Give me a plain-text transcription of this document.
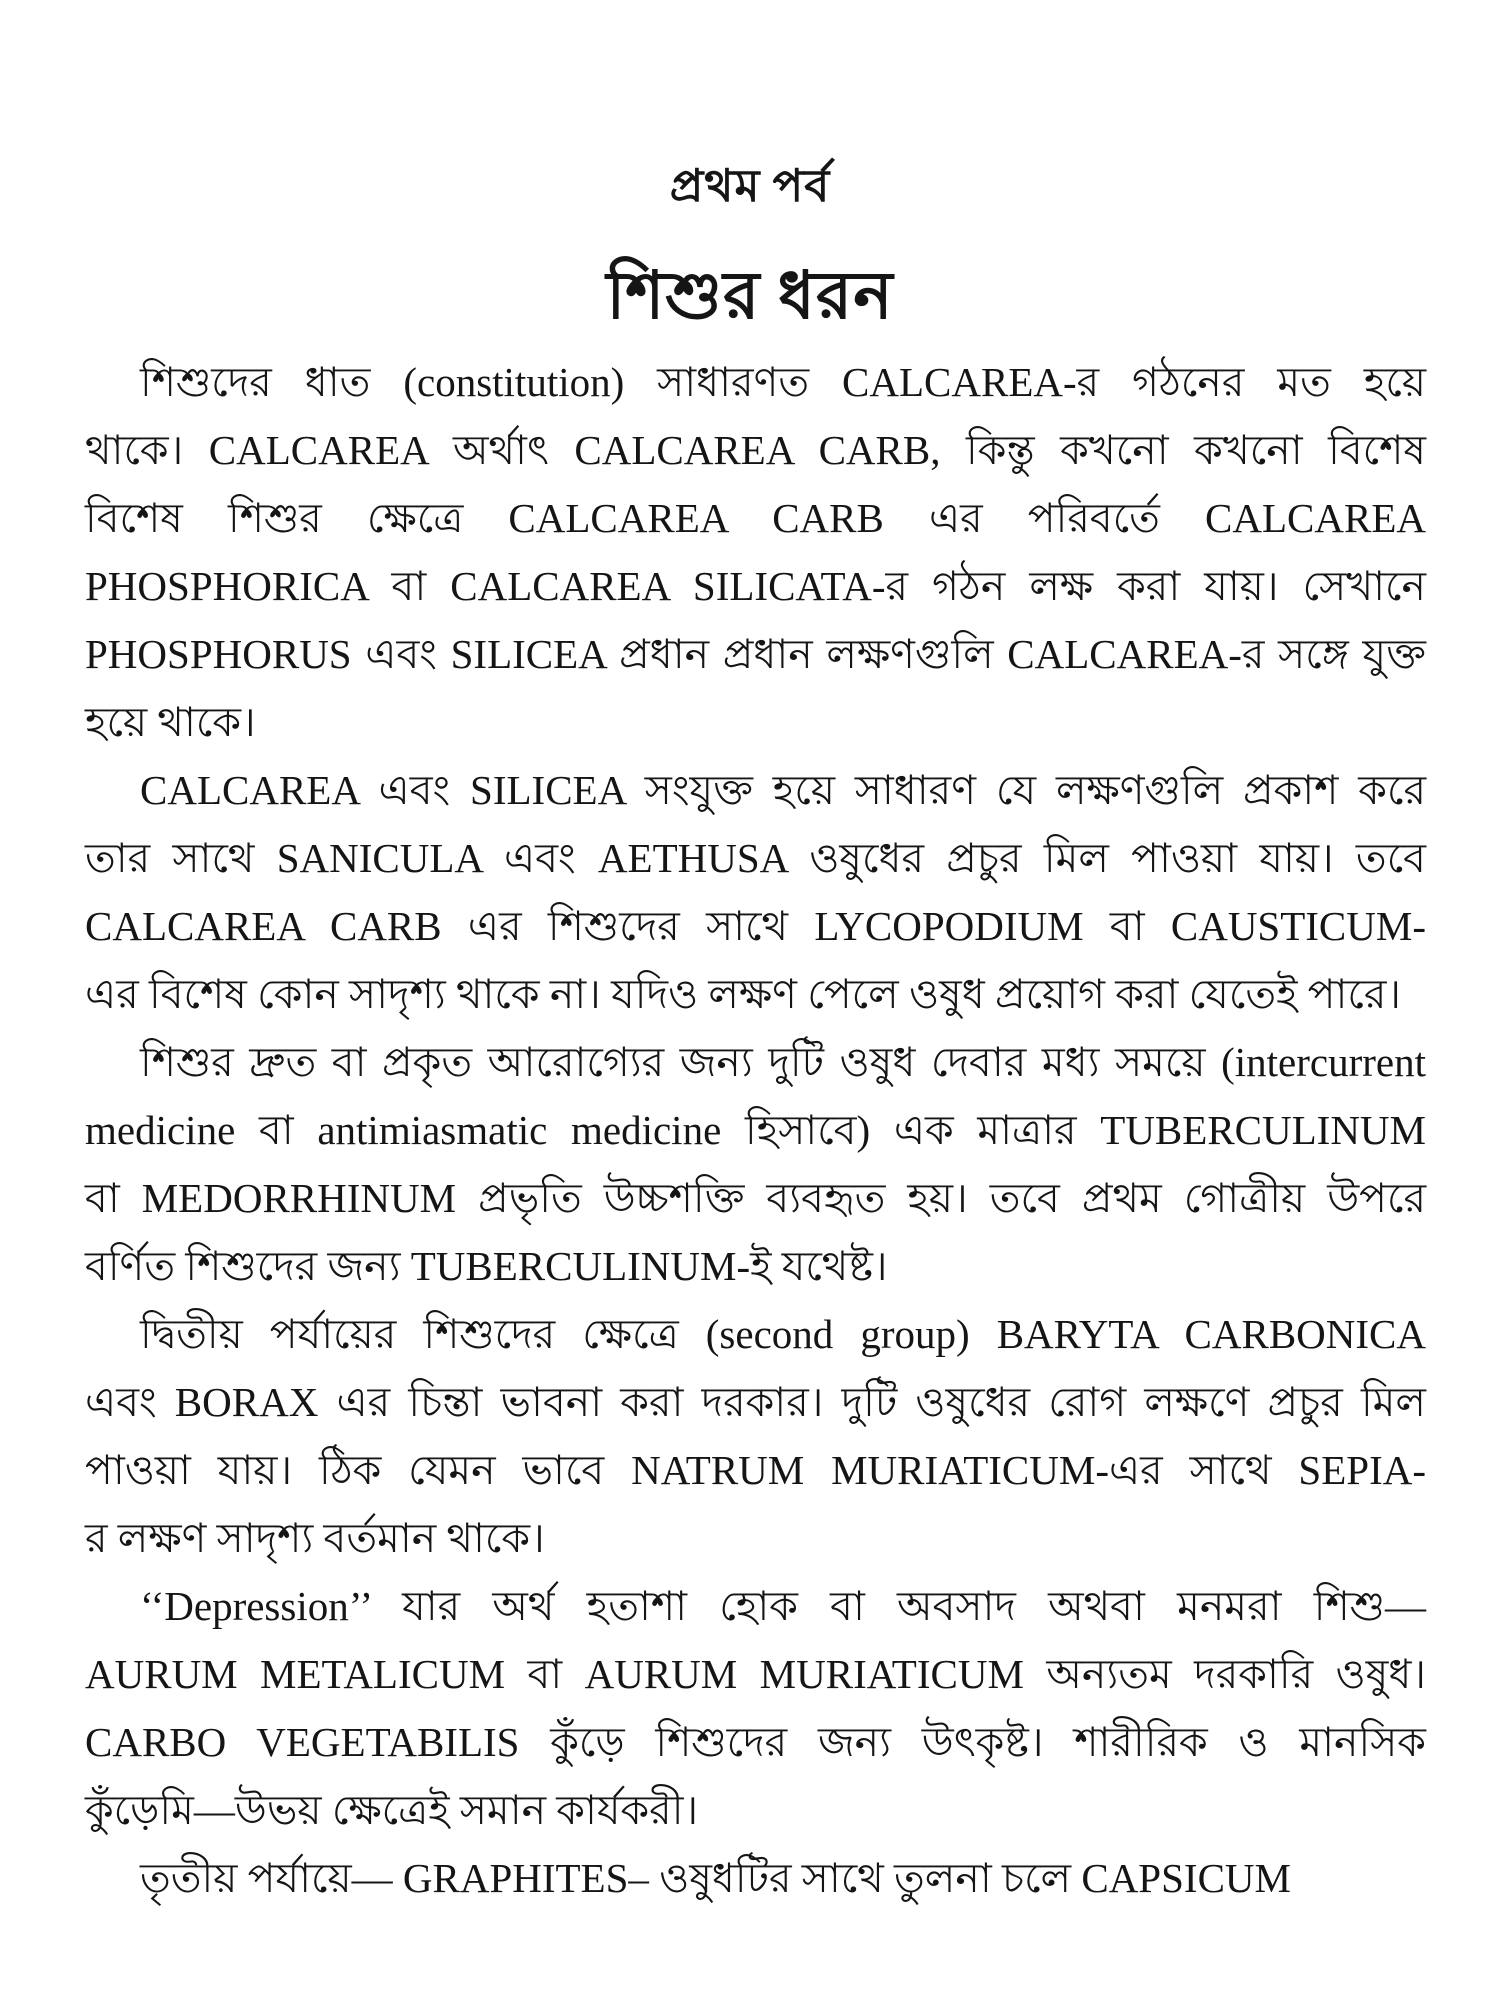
প্রথম পর্ব
শিশুর ধরন
শিশুদের ধাত (constitution) সাধারণত CALCAREA-র গঠনের মত হয়ে
থাকে। CALCAREA অর্থাৎ CALCAREA CARB, কিন্তু কখনো কখনো বিশেষ
বিশেষ শিশুর ক্ষেত্রে CALCAREA CARB এর পরিবর্তে CALCAREA
PHOSPHORICA বা CALCAREA SILICATA-র গঠন লক্ষ করা যায়। সেখানে
PHOSPHORUS এবং SILICEA প্রধান প্রধান লক্ষণগুলি CALCAREA-র সঙ্গে যুক্ত
হয়ে থাকে।
CALCAREA এবং SILICEA সংযুক্ত হয়ে সাধারণ যে লক্ষণগুলি প্রকাশ করে
তার সাথে SANICULA এবং AETHUSA ওষুধের প্রচুর মিল পাওয়া যায়। তবে
CALCAREA CARB এর শিশুদের সাথে LYCOPODIUM বা CAUSTICUM-
এর বিশেষ কোন সাদৃশ্য থাকে না। যদিও লক্ষণ পেলে ওষুধ প্রয়োগ করা যেতেই পারে।
শিশুর দ্রুত বা প্রকৃত আরোগ্যের জন্য দুটি ওষুধ দেবার মধ্য সময়ে (intercurrent
medicine বা antimiasmatic medicine হিসাবে) এক মাত্রার TUBERCULINUM
বা MEDORRHINUM প্রভৃতি উচ্চশক্তি ব্যবহৃত হয়। তবে প্রথম গোত্রীয় উপরে
বর্ণিত শিশুদের জন্য TUBERCULINUM-ই যথেষ্ট।
দ্বিতীয় পর্যায়ের শিশুদের ক্ষেত্রে (second group) BARYTA CARBONICA
এবং BORAX এর চিন্তা ভাবনা করা দরকার। দুটি ওষুধের রোগ লক্ষণে প্রচুর মিল
পাওয়া যায়। ঠিক যেমন ভাবে NATRUM MURIATICUM-এর সাথে SEPIA-
র লক্ষণ সাদৃশ্য বর্তমান থাকে।
‘‘Depression’’ যার অর্থ হতাশা হোক বা অবসাদ অথবা মনমরা শিশু—
AURUM METALICUM বা AURUM MURIATICUM অন্যতম দরকারি ওষুধ।
CARBO VEGETABILIS কুঁড়ে শিশুদের জন্য উৎকৃষ্ট। শারীরিক ও মানসিক
কুঁড়েমি—উভয় ক্ষেত্রেই সমান কার্যকরী।
তৃতীয় পর্যায়ে— GRAPHITES– ওষুধটির সাথে তুলনা চলে CAPSICUM
